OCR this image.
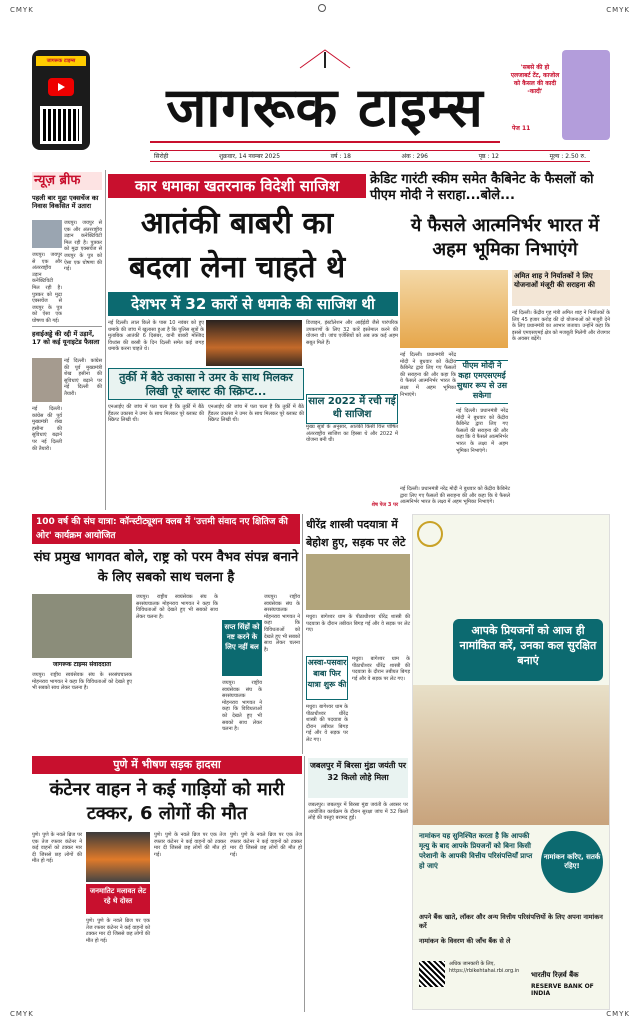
CMYK	CMYK
CMYK	CMYK
जागरूक टाइम्स
जागरूक टाइम्स
'सबसे की हो एलजाबर्ट टेंट, काजोल को कैसल की कादी -कादी'
पेज 11
सिरोही	शुक्रवार, 14 नवम्बर 2025	वर्ष : 18	अंक : 296	पृष्ठ : 12	मूल्य : 2.50 रु.
न्यूज़ ब्रीफ
पहली बार मुद्रा एक्सचेंज का निवास विकसित में उतारा
जयपुर। जयपुर से एक और अंतरराष्ट्रीय उड़ान कनेक्टिविटी मिल रही है। पुत्रकर को मुद्रा एक्सचेंज से जयपुर के पुत्र को ऐसा एक घोषणा की गई।
जयपुर। जयपुर से एक और अंतरराष्ट्रीय उड़ान कनेक्टिविटी मिल रही है। पुत्रकर को मुद्रा एक्सचेंज से जयपुर के पुत्र को ऐसा एक घोषणा की गई।
हवाईअड्डे की रद्दी में उड़ानें, 17 को कई यूनाइटेड फैसला
नई दिल्ली। कांग्रेस की पूर्व मुख्यमंत्री शेख हसीना की सुविधाएं बढ़ाने पर नई दिल्ली की तैयारी।
नई दिल्ली। कांग्रेस की पूर्व मुख्यमंत्री शेख हसीना की सुविधाएं बढ़ाने पर नई दिल्ली की तैयारी।
कार धमाका खतरनाक विदेशी साजिश
आतंकी बाबरी का बदला लेना चाहते थे
देशभर में 32 कारों से धमाके की साजिश थी
नई दिल्ली। लाल किले के पास 10 नवंबर को हुए धमाके की जांच में खुलासा हुआ है कि पुलिस सूत्रों के मुताबिक आतंकी 6 दिसंबर, यानी बाबरी मस्जिद विध्वंस की बरसी के दिन दिल्ली समेत कई जगह धमाके करना चाहते थे।
डिजाइन, इंस्टॉलेशन और आईईडी जैसे पारंपरिक उपकरणों के लिए 32 कारें इस्तेमाल करने की योजना थी। जांच एजेंसियों को अब तक कई अहम सबूत मिले हैं।
तुर्की में बैठे उकासा ने उमर के साथ मिलकर लिखी पूरे ब्लास्ट की स्क्रिप्ट...
एनआईए की जांच में पता चला है कि तुर्की में बैठे हैंडलर उकासा ने उमर के साथ मिलकर पूरे ब्लास्ट की स्क्रिप्ट लिखी थी।
एनआईए की जांच में पता चला है कि तुर्की में बैठे हैंडलर उकासा ने उमर के साथ मिलकर पूरे ब्लास्ट की स्क्रिप्ट लिखी थी।
मुख्य सूत्रों के अनुसार, आतंकी किसी वित्त पोषित अंतरराष्ट्रीय साजिश का हिस्सा थे और 2022 में योजना बनी थी।
साल 2022 में रची गई थी साजिश
शेष पेज 3 पर
क्रेडिट गारंटी स्कीम समेत कैबिनेट के फैसलों को पीएम मोदी ने सराहा...बोले...
ये फैसले आत्मनिर्भर भारत में अहम भूमिका निभाएंगे
नई दिल्ली। प्रधानमंत्री नरेंद्र मोदी ने बुधवार को केंद्रीय कैबिनेट द्वारा लिए गए फैसलों की सराहना की और कहा कि ये फैसले आत्मनिर्भर भारत के लक्ष्य में अहम भूमिका निभाएंगे।
पीएम मोदी ने कहा एमएसएमई सुधार रूप से उस सकेगा
नई दिल्ली। प्रधानमंत्री नरेंद्र मोदी ने बुधवार को केंद्रीय कैबिनेट द्वारा लिए गए फैसलों की सराहना की और कहा कि ये फैसले आत्मनिर्भर भारत के लक्ष्य में अहम भूमिका निभाएंगे।
नई दिल्ली। प्रधानमंत्री नरेंद्र मोदी ने बुधवार को केंद्रीय कैबिनेट द्वारा लिए गए फैसलों की सराहना की और कहा कि ये फैसले आत्मनिर्भर भारत के लक्ष्य में अहम भूमिका निभाएंगे।
अमित शाह ने निर्यातकों ने लिए योजनाओं मंजूरी की सराहना की
नई दिल्ली। केंद्रीय गृह मंत्री अमित शाह ने निर्यातकों के लिए 45 हजार करोड़ की दो योजनाओं को मंजूरी देने के लिए प्रधानमंत्री का आभार जताया। उन्होंने कहा कि इससे एमएसएमई क्षेत्र को मजबूती मिलेगी और रोजगार के अवसर बढ़ेंगे।
100 वर्ष की संघ यात्रा: कॉन्स्टीट्यूशन क्लब में 'उत्तमी संवाद नए क्षितिज की ओर' कार्यक्रम आयोजित
संघ प्रमुख भागवत बोले, राष्ट्र को परम वैभव संपन्न बनाने के लिए सबको साथ चलना है
जागरूक टाइम्स संवाददाता
जयपुर। राष्ट्रीय स्वयंसेवक संघ के सरसंघचालक मोहनराव भागवत ने कहा कि विविधताओं को देखते हुए भी सबको साथ लेकर चलना है।
जयपुर। राष्ट्रीय स्वयंसेवक संघ के सरसंघचालक मोहनराव भागवत ने कहा कि विविधताओं को देखते हुए भी सबको साथ लेकर चलना है।
सप्त सिंहों को नष्ट करने के लिए नहीं बल
जयपुर। राष्ट्रीय स्वयंसेवक संघ के सरसंघचालक मोहनराव भागवत ने कहा कि विविधताओं को देखते हुए भी सबको साथ लेकर चलना है।
जयपुर। राष्ट्रीय स्वयंसेवक संघ के सरसंघचालक मोहनराव भागवत ने कहा कि विविधताओं को देखते हुए भी सबको साथ लेकर चलना है।
धीरेंद्र शास्त्री पदयात्रा में बेहोश हुए, सड़क पर लेटे
मथुरा। बागेश्वर धाम के पीठाधीश्वर धीरेंद्र शास्त्री की पदयात्रा के दौरान तबीयत बिगड़ गई और वे सड़क पर लेट गए।
अस्वा-पसवार बाबा फिर यात्रा शुरू की
मथुरा। बागेश्वर धाम के पीठाधीश्वर धीरेंद्र शास्त्री की पदयात्रा के दौरान तबीयत बिगड़ गई और वे सड़क पर लेट गए।
मथुरा। बागेश्वर धाम के पीठाधीश्वर धीरेंद्र शास्त्री की पदयात्रा के दौरान तबीयत बिगड़ गई और वे सड़क पर लेट गए।
पुणे में भीषण सड़क हादसा
कंटेनर वाहन ने कई गाड़ियों को मारी टक्कर, 6 लोगों की मौत
पुणे। पुणे के नवले ब्रिज पर एक तेज रफ्तार कंटेनर ने कई वाहनों को टक्कर मार दी जिससे छह लोगों की मौत हो गई।
जनमातिट मलावत लेट रहे थे दोस्त
पुणे। पुणे के नवले ब्रिज पर एक तेज रफ्तार कंटेनर ने कई वाहनों को टक्कर मार दी जिससे छह लोगों की मौत हो गई।
पुणे। पुणे के नवले ब्रिज पर एक तेज रफ्तार कंटेनर ने कई वाहनों को टक्कर मार दी जिससे छह लोगों की मौत हो गई।
पुणे। पुणे के नवले ब्रिज पर एक तेज रफ्तार कंटेनर ने कई वाहनों को टक्कर मार दी जिससे छह लोगों की मौत हो गई।
जबलपुर में बिरसा मुंडा जयंती पर 32 किलो लोहे मिला
जबलपुर। जबलपुर में बिरसा मुंडा जयंती के अवसर पर आयोजित कार्यक्रम के दौरान सुरक्षा जांच में 32 किलो लोहे की वस्तुएं बरामद हुईं।
आपके प्रियजनों को आज ही नामांकित करें, उनका कल सुरक्षित बनाएं
नामांकन यह सुनिश्चित करता है कि आपकी मृत्यु के बाद आपके प्रियजनों को बिना किसी परेशानी के आपकी वित्तीय परिसंपत्तियाँ प्राप्त हो जाएं
नामांकन करिए, सतर्क रहिए!
अपने बैंक खाते, लॉकर और अन्य वित्तीय परिसंपत्तियों के लिए अपना नामांकन करें
नामांकन के विवरण की जाँच बैंक से ले
अधिक जानकारी के लिए, https://rbikehtahai.rbi.org.in	भारतीय रिज़र्व बैंक
RESERVE BANK OF INDIA
